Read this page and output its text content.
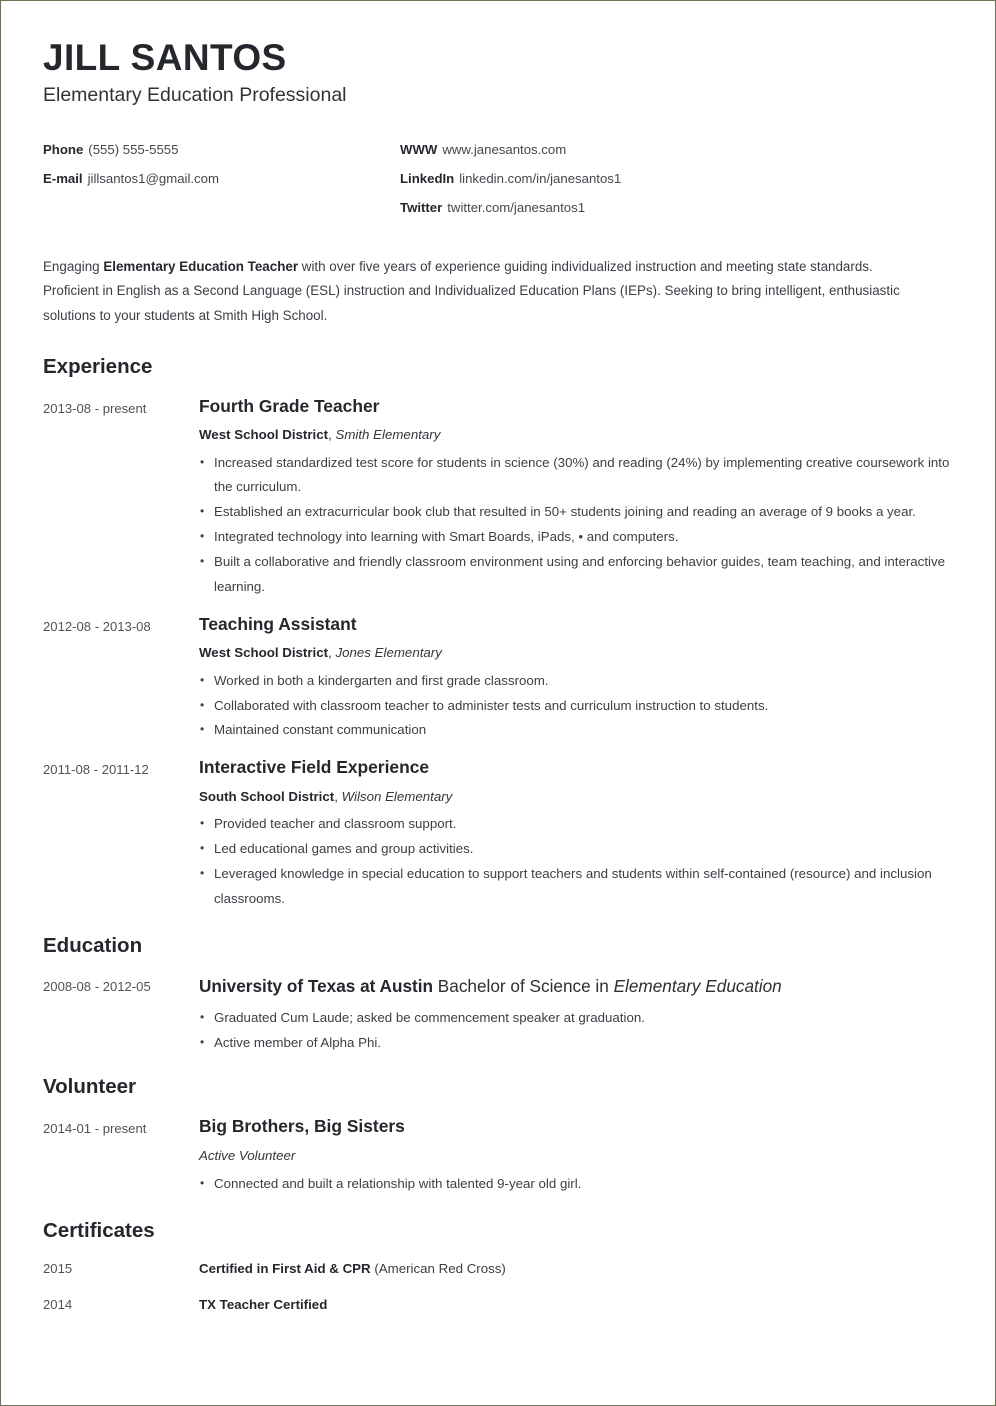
JILL SANTOS
Elementary Education Professional
Phone (555) 555-5555
E-mail jillsantos1@gmail.com
WWW www.janesantos.com
LinkedIn linkedin.com/in/janesantos1
Twitter twitter.com/janesantos1

Engaging Elementary Education Teacher with over five years of experience guiding individualized instruction and meeting state standards. Proficient in English as a Second Language (ESL) instruction and Individualized Education Plans (IEPs). Seeking to bring intelligent, enthusiastic solutions to your students at Smith High School.

Experience
2013-08 - present	Fourth Grade Teacher
West School District, Smith Elementary
• Increased standardized test score for students in science (30%) and reading (24%) by implementing creative coursework into the curriculum.
• Established an extracurricular book club that resulted in 50+ students joining and reading an average of 9 books a year.
• Integrated technology into learning with Smart Boards, iPads, • and computers.
• Built a collaborative and friendly classroom environment using and enforcing behavior guides, team teaching, and interactive learning.
2012-08 - 2013-08	Teaching Assistant
West School District, Jones Elementary
• Worked in both a kindergarten and first grade classroom.
• Collaborated with classroom teacher to administer tests and curriculum instruction to students.
• Maintained constant communication
2011-08 - 2011-12	Interactive Field Experience
South School District, Wilson Elementary
• Provided teacher and classroom support.
• Led educational games and group activities.
• Leveraged knowledge in special education to support teachers and students within self-contained (resource) and inclusion classrooms.
Education
2008-08 - 2012-05	University of Texas at Austin Bachelor of Science in Elementary Education
• Graduated Cum Laude; asked be commencement speaker at graduation.
• Active member of Alpha Phi.
Volunteer
2014-01 - present	Big Brothers, Big Sisters
Active Volunteer
• Connected and built a relationship with talented 9-year old girl.
Certificates
2015	Certified in First Aid & CPR (American Red Cross)
2014	TX Teacher Certified
